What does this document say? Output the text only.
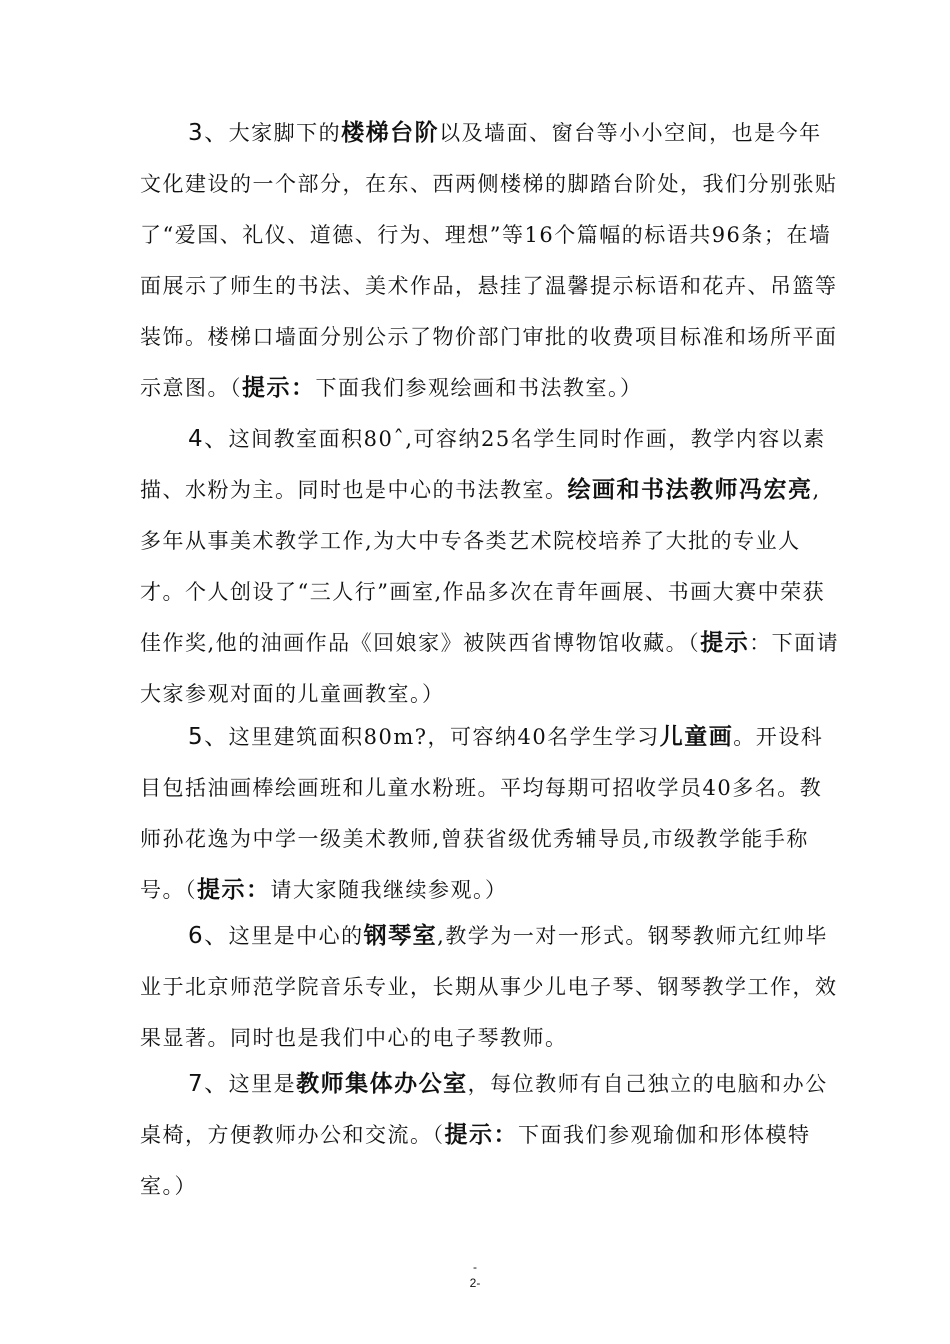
3、大家脚下的楼梯台阶以及墙面、窗台等小小空间，也是今年文化建设的一个部分，在东、西两侧楼梯的脚踏台阶处，我们分别张贴了“爱国、礼仪、道德、行为、理想”等16个篇幅的标语共96条；在墙面展示了师生的书法、美术作品，悬挂了温馨提示标语和花卉、吊篮等装饰。楼梯口墙面分别公示了物价部门审批的收费项目标准和场所平面示意图。（提示：下面我们参观绘画和书法教室。）

4、这间教室面积80ˆ,可容纳25名学生同时作画，教学内容以素描、水粉为主。同时也是中心的书法教室。绘画和书法教师冯宏亮,多年从事美术教学工作,为大中专各类艺术院校培养了大批的专业人才。个人创设了“三人行”画室,作品多次在青年画展、书画大赛中荣获佳作奖,他的油画作品《回娘家》被陕西省博物馆收藏。（提示：下面请大家参观对面的儿童画教室。）

5、这里建筑面积80m?，可容纳40名学生学习儿童画。开设科目包括油画棒绘画班和儿童水粉班。平均每期可招收学员40多名。教师孙花逸为中学一级美术教师,曾获省级优秀辅导员,市级教学能手称号。（提示：请大家随我继续参观。）

6、这里是中心的钢琴室,教学为一对一形式。钢琴教师亢红帅毕业于北京师范学院音乐专业，长期从事少儿电子琴、钢琴教学工作，效果显著。同时也是我们中心的电子琴教师。

7、这里是教师集体办公室，每位教师有自己独立的电脑和办公桌椅，方便教师办公和交流。（提示：下面我们参观瑜伽和形体模特室。）

-
2-
